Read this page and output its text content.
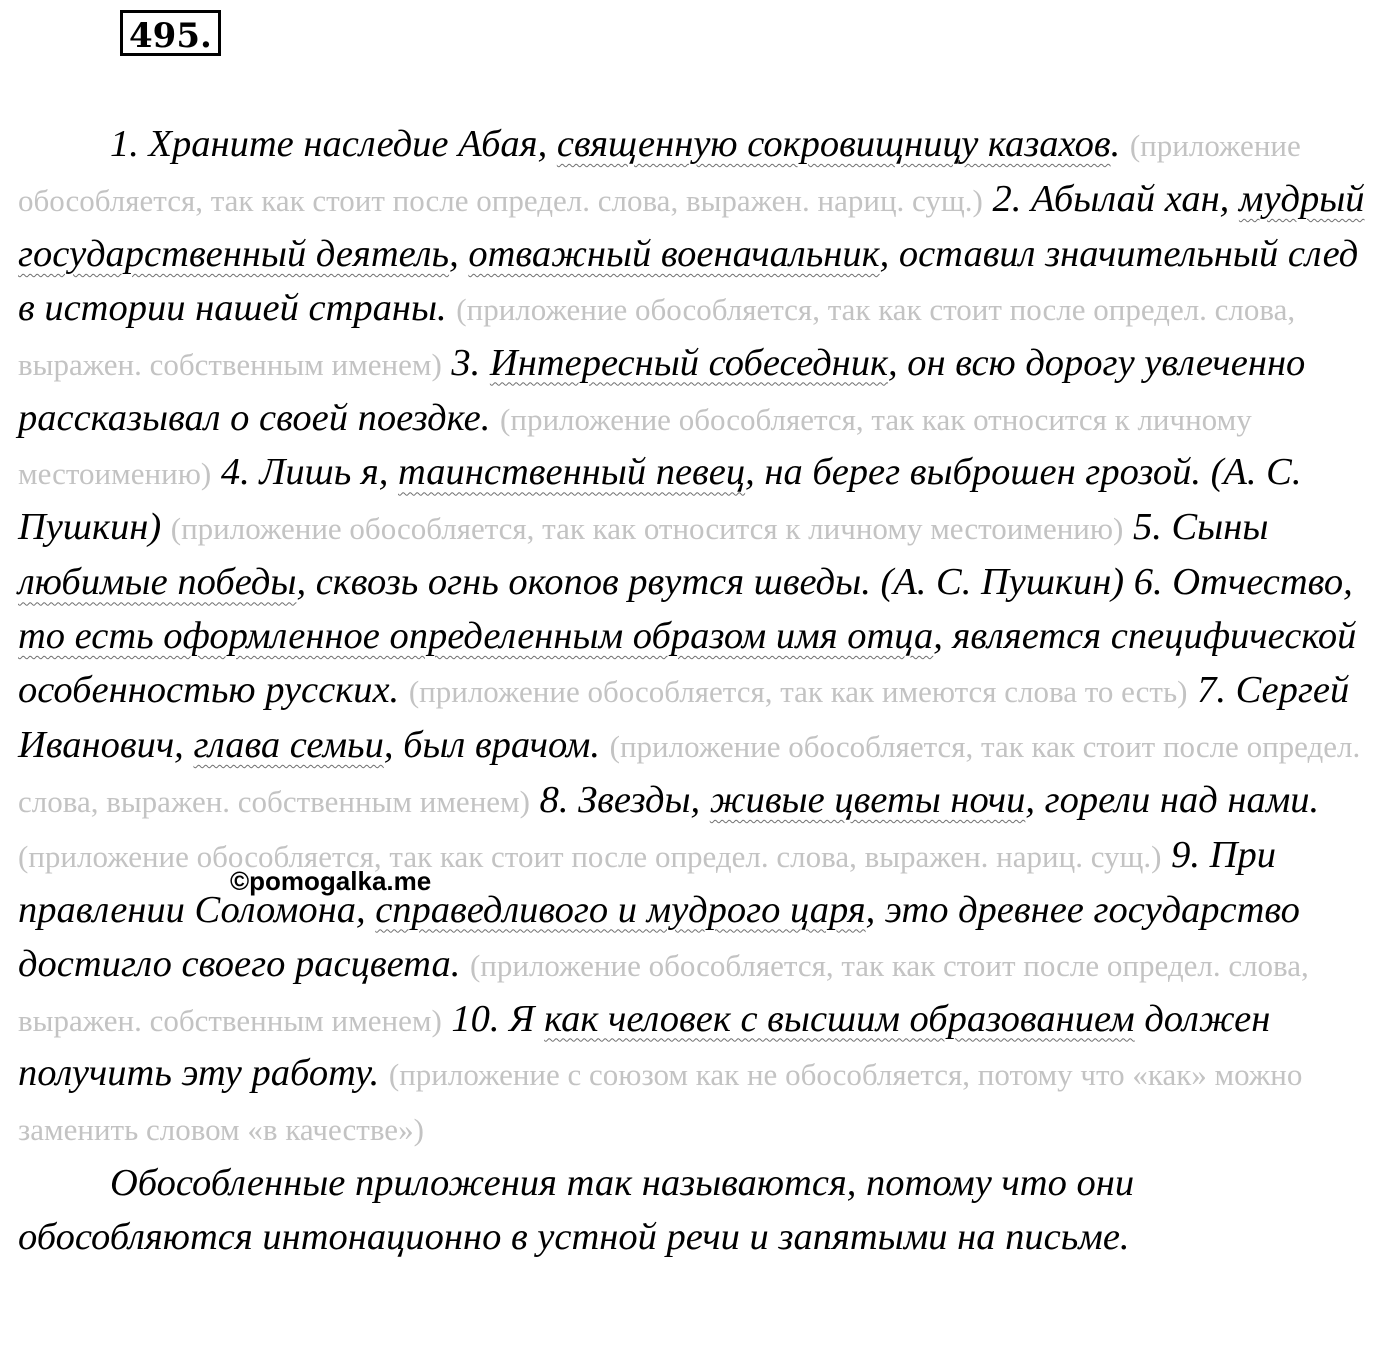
495.

1. Храните наследие Абая, священную сокровищницу казахов. (приложение обособляется, так как стоит после определ. слова, выражен. нариц. сущ.) 2. Абылай хан, мудрый государственный деятель, отважный военачальник, оставил значительный след в истории нашей страны. (приложение обособляется, так как стоит после определ. слова, выражен. собственным именем) 3. Интересный собеседник, он всю дорогу увлеченно рассказывал о своей поездке. (приложение обособляется, так как относится к личному местоимению) 4. Лишь я, таинственный певец, на берег выброшен грозой. (А. С. Пушкин) (приложение обособляется, так как относится к личному местоимению) 5. Сыны любимые победы, сквозь огнь окопов рвутся шведы. (А. С. Пушкин) 6. Отчество, то есть оформленное определенным образом имя отца, является специфической особенностью русских. (приложение обособляется, так как имеются слова то есть) 7. Сергей Иванович, глава семьи, был врачом. (приложение обособляется, так как стоит после определ. слова, выражен. собственным именем) 8. Звезды, живые цветы ночи, горели над нами. (приложение обособляется, так как стоит после определ. слова, выражен. нариц. сущ.) 9. При правлении Соломона, справедливого и мудрого царя, это древнее государство достигло своего расцвета. (приложение обособляется, так как стоит после определ. слова, выражен. собственным именем) 10. Я как человек с высшим образованием должен получить эту работу. (приложение с союзом как не обособляется, потому что «как» можно заменить словом «в качестве»)

Обособленные приложения так называются, потому что они обособляются интонационно в устной речи и запятыми на письме.

©pomogalka.me
